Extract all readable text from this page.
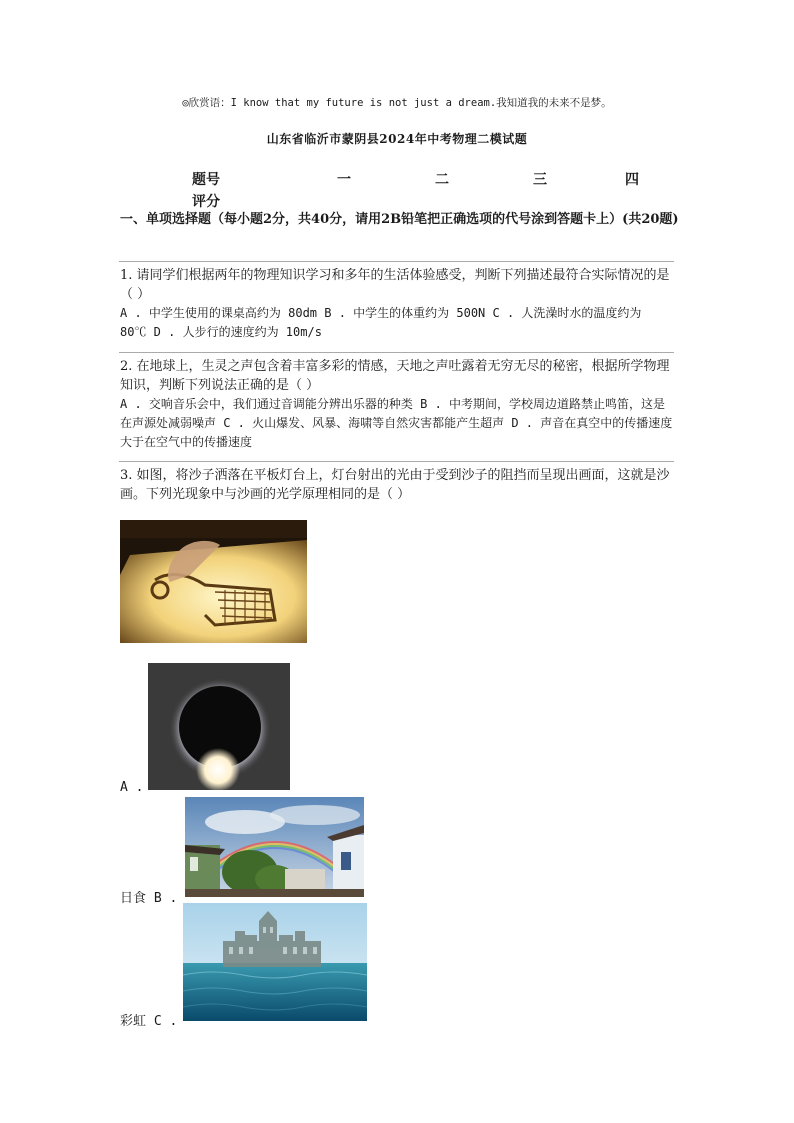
◎欣赏语：I know that my future is not just a dream.我知道我的未来不是梦。
山东省临沂市蒙阴县2024年中考物理二模试题
题号	一	二	三	四
评分
一、单项选择题（每小题2分，共40分，请用2B铅笔把正确选项的代号涂到答题卡上）(共20题)
1. 请同学们根据两年的物理知识学习和多年的生活体验感受，判断下列描述最符合实际情况的是（ ）
A . 中学生使用的课桌高约为 80dm B . 中学生的体重约为 500N C . 人洗澡时水的温度约为 80℃ D . 人步行的速度约为 10m/s
2. 在地球上，生灵之声包含着丰富多彩的情感，天地之声吐露着无穷无尽的秘密，根据所学物理知识，判断下列说法正确的是（ ）
A . 交响音乐会中，我们通过音调能分辨出乐器的种类 B . 中考期间，学校周边道路禁止鸣笛，这是在声源处减弱噪声 C . 火山爆发、风暴、海啸等自然灾害都能产生超声 D . 声音在真空中的传播速度大于在空气中的传播速度
3. 如图，将沙子洒落在平板灯台上，灯台射出的光由于受到沙子的阻挡而呈现出画面，这就是沙画。下列光现象中与沙画的光学原理相同的是（ ）
A .
日食 B .
彩虹 C .
